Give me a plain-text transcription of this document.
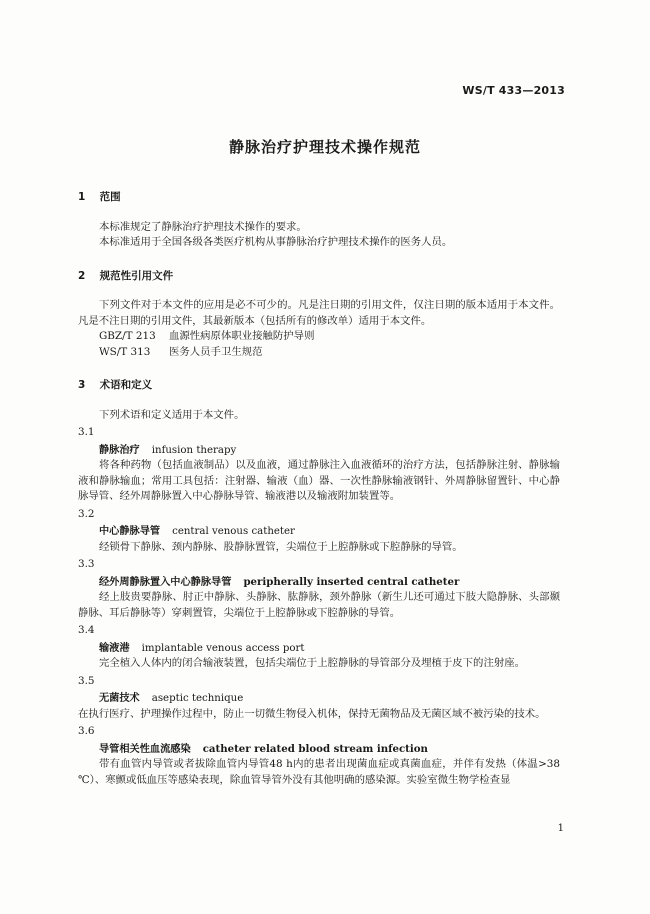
WS/T 433—2013
静脉治疗护理技术操作规范
1 范围

本标准规定了静脉治疗护理技术操作的要求。

本标准适用于全国各级各类医疗机构从事静脉治疗护理技术操作的医务人员。

2 规范性引用文件

下列文件对于本文件的应用是必不可少的。凡是注日期的引用文件，仅注日期的版本适用于本文件。凡是不注日期的引用文件，其最新版本（包括所有的修改单）适用于本文件。

GBZ/T 213 血源性病原体职业接触防护导则

WS/T 313 医务人员手卫生规范

3 术语和定义

下列术语和定义适用于本文件。

3.1

静脉治疗 infusion therapy

将各种药物（包括血液制品）以及血液，通过静脉注入血液循环的治疗方法，包括静脉注射、静脉输液和静脉输血；常用工具包括：注射器、输液（血）器、一次性静脉输液钢针、外周静脉留置针、中心静脉导管、经外周静脉置入中心静脉导管、输液港以及输液附加装置等。

3.2

中心静脉导管 central venous catheter

经锁骨下静脉、颈内静脉、股静脉置管，尖端位于上腔静脉或下腔静脉的导管。

3.3

经外周静脉置入中心静脉导管 peripherally inserted central catheter

经上肢贵要静脉、肘正中静脉、头静脉、肱静脉，颈外静脉（新生儿还可通过下肢大隐静脉、头部颞静脉、耳后静脉等）穿刺置管，尖端位于上腔静脉或下腔静脉的导管。

3.4

输液港 implantable venous access port

完全植入人体内的闭合输液装置，包括尖端位于上腔静脉的导管部分及埋植于皮下的注射座。

3.5

无菌技术 aseptic technique

在执行医疗、护理操作过程中，防止一切微生物侵入机体，保持无菌物品及无菌区域不被污染的技术。

3.6

导管相关性血流感染 catheter related blood stream infection

带有血管内导管或者拔除血管内导管48 h内的患者出现菌血症或真菌血症，并伴有发热（体温>38 ℃）、寒颤或低血压等感染表现，除血管导管外没有其他明确的感染源。实验室微生物学检查显

1
